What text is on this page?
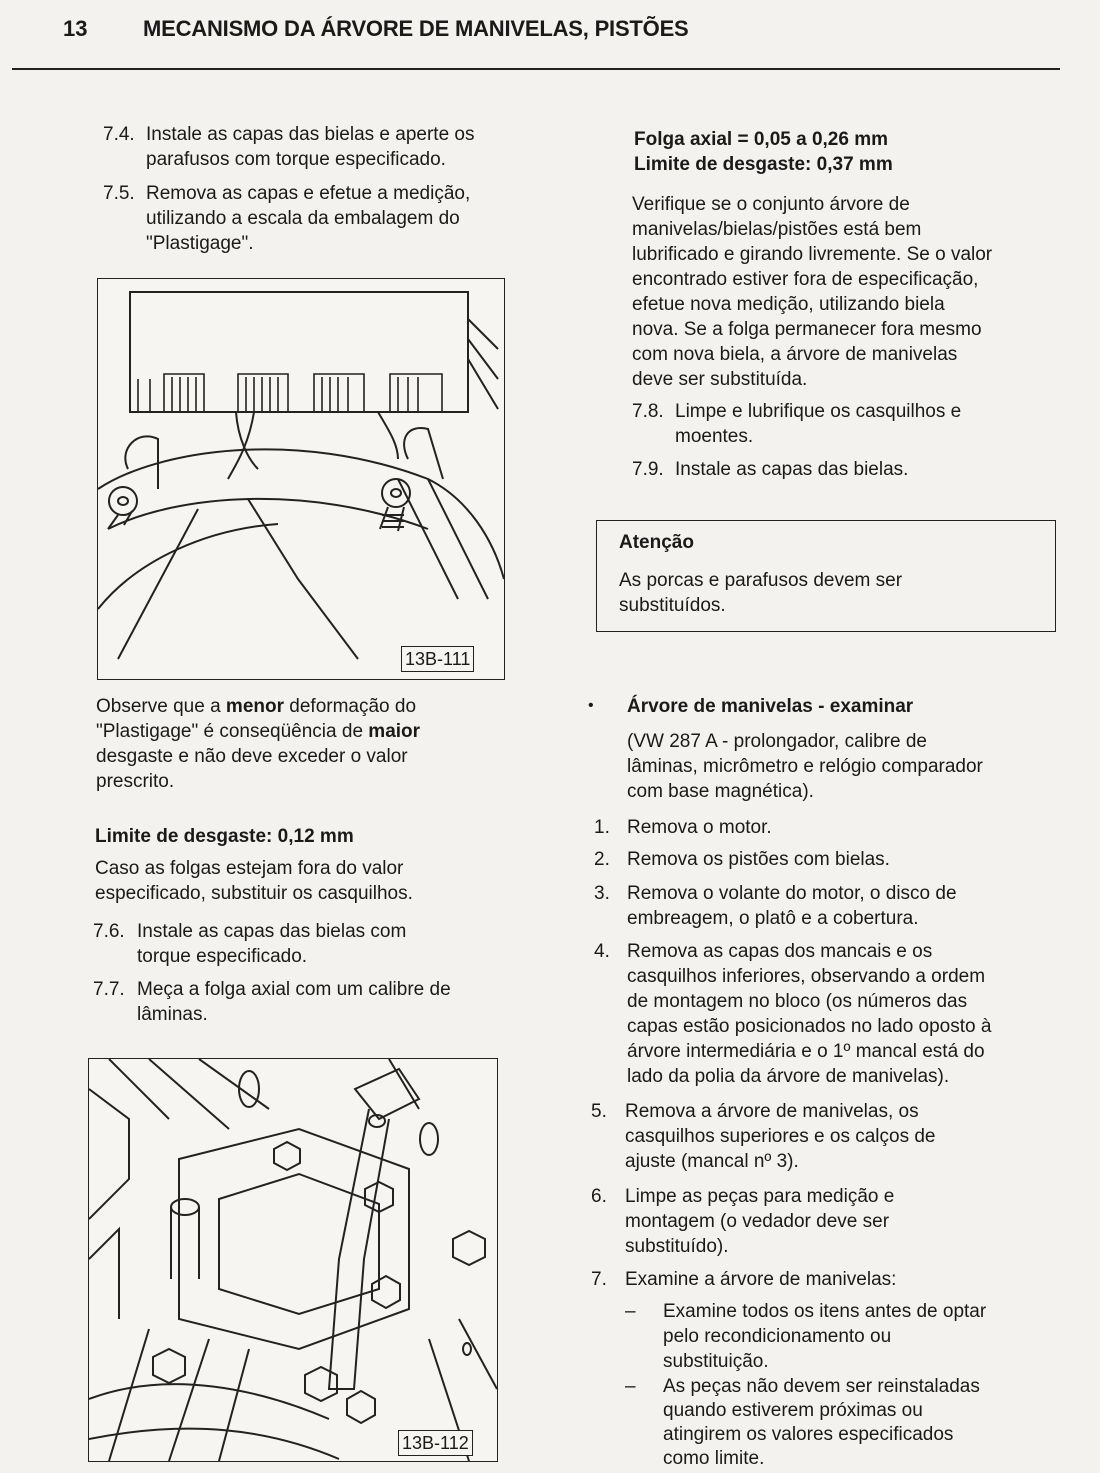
13	MECANISMO DA ÁRVORE DE MANIVELAS, PISTÕES
7.4. Instale as capas das bielas e aperte os
parafusos com torque especificado.
7.5. Remova as capas e efetue a medição,
utilizando a escala da embalagem do
"Plastigage".
13B-111
Observe que a menor deformação do
"Plastigage" é conseqüência de maior
desgaste e não deve exceder o valor
prescrito.
Limite de desgaste: 0,12 mm
Caso as folgas estejam fora do valor
especificado, substituir os casquilhos.
7.6. Instale as capas das bielas com
torque especificado.
7.7. Meça a folga axial com um calibre de
lâminas.
13B-112
Folga axial = 0,05 a 0,26 mm
Limite de desgaste: 0,37 mm
Verifique se o conjunto árvore de
manivelas/bielas/pistões está bem
lubrificado e girando livremente. Se o valor
encontrado estiver fora de especificação,
efetue nova medição, utilizando biela
nova. Se a folga permanecer fora mesmo
com nova biela, a árvore de manivelas
deve ser substituída.
7.8. Limpe e lubrifique os casquilhos e
moentes.
7.9. Instale as capas das bielas.
Atenção
As porcas e parafusos devem ser
substituídos.
• Árvore de manivelas - examinar
(VW 287 A - prolongador, calibre de
lâminas, micrômetro e relógio comparador
com base magnética).
1. Remova o motor.
2. Remova os pistões com bielas.
3. Remova o volante do motor, o disco de
embreagem, o platô e a cobertura.
4. Remova as capas dos mancais e os
casquilhos inferiores, observando a ordem
de montagem no bloco (os números das
capas estão posicionados no lado oposto à
árvore intermediária e o 1º mancal está do
lado da polia da árvore de manivelas).
5. Remova a árvore de manivelas, os
casquilhos superiores e os calços de
ajuste (mancal nº 3).
6. Limpe as peças para medição e
montagem (o vedador deve ser
substituído).
7. Examine a árvore de manivelas:
– Examine todos os itens antes de optar
pelo recondicionamento ou
substituição.
– As peças não devem ser reinstaladas
quando estiverem próximas ou
atingirem os valores especificados
como limite.
